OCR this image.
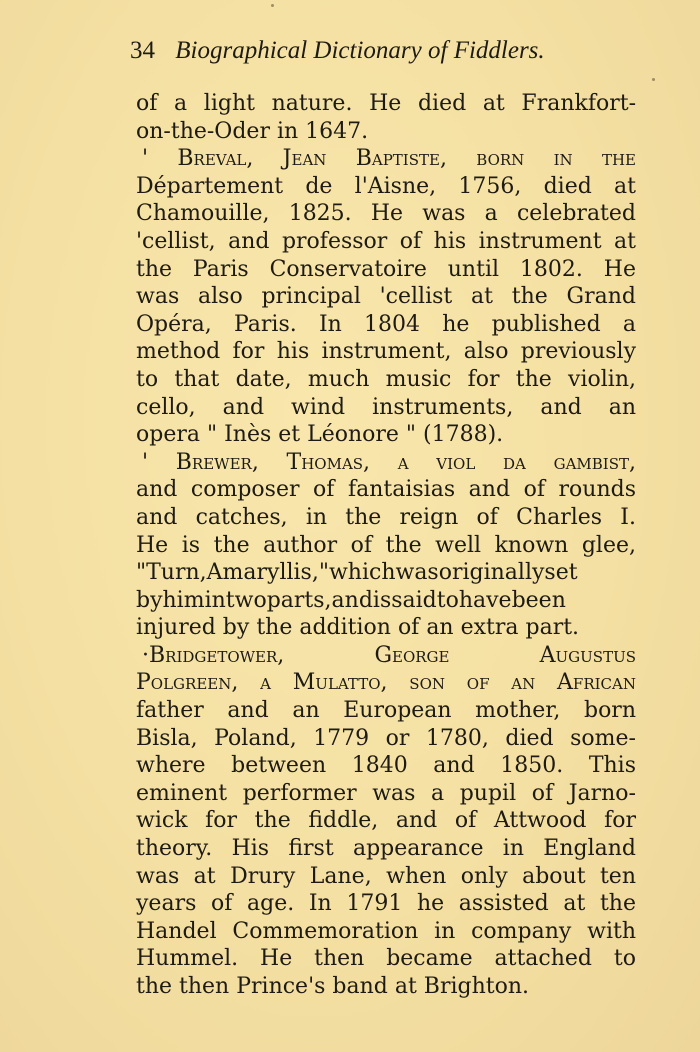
34 Biographical Dictionary of Fiddlers.
of a light nature. He died at Frankfort-
on-the-Oder in 1647.
' Breval, Jean Baptiste, born in the
Département de l'Aisne, 1756, died at
Chamouille, 1825. He was a celebrated
'cellist, and professor of his instrument at
the Paris Conservatoire until 1802. He
was also principal 'cellist at the Grand
Opéra, Paris. In 1804 he published a
method for his instrument, also previously
to that date, much music for the violin,
cello, and wind instruments, and an
opera " Inès et Léonore " (1788).
' Brewer, Thomas, a viol da gambist,
and composer of fantaisias and of rounds
and catches, in the reign of Charles I.
He is the author of the well known glee,
"Turn,Amaryllis,"whichwasoriginallyset
byhimintwoparts,andissaidtohavebeen
injured by the addition of an extra part.
·Bridgetower, George Augustus
Polgreen, a Mulatto, son of an African
father and an European mother, born
Bisla, Poland, 1779 or 1780, died some-
where between 1840 and 1850. This
eminent performer was a pupil of Jarno-
wick for the fiddle, and of Attwood for
theory. His first appearance in England
was at Drury Lane, when only about ten
years of age. In 1791 he assisted at the
Handel Commemoration in company with
Hummel. He then became attached to
the then Prince's band at Brighton.
